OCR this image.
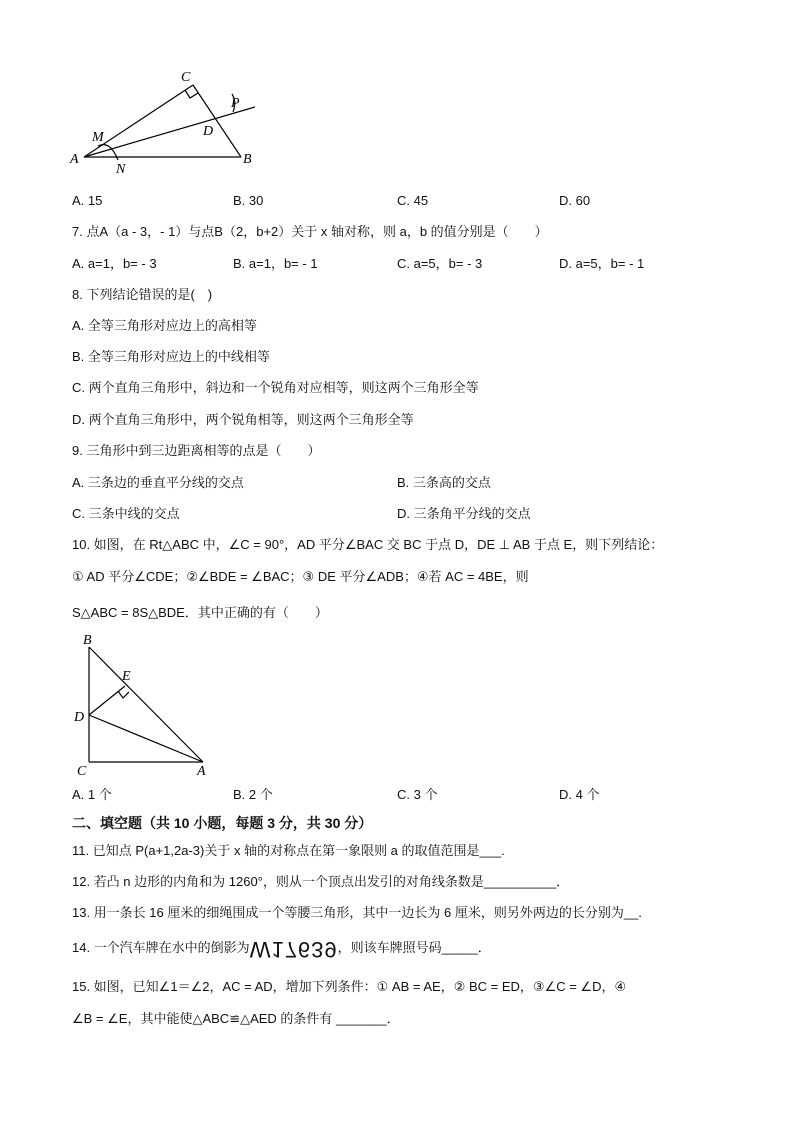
C
P
M	D
A
N
B
A. 15	B. 30	C. 45	D. 60
7. 点A（a - 3，- 1）与点B（2，b+2）关于 x 轴对称，则 a，b 的值分别是（　　）
A. a=1，b= - 3	B. a=1，b= - 1	C. a=5，b= - 3	D. a=5，b= - 1
8. 下列结论错误的是(　)
A. 全等三角形对应边上的高相等
B. 全等三角形对应边上的中线相等
C. 两个直角三角形中，斜边和一个锐角对应相等，则这两个三角形全等
D. 两个直角三角形中，两个锐角相等，则这两个三角形全等
9. 三角形中到三边距离相等的点是（　　）
A. 三条边的垂直平分线的交点	B. 三条高的交点
C. 三条中线的交点	D. 三条角平分线的交点
10. 如图，在 Rt△ABC 中，∠C = 90°，AD 平分∠BAC 交 BC 于点 D，DE ⊥ AB 于点 E，则下列结论：
① AD 平分∠CDE；②∠BDE = ∠BAC；③ DE 平分∠ADB；④若 AC = 4BE，则
S△ABC = 8S△BDE．其中正确的有（　　）
B
E
D
C	A
A. 1 个	B. 2 个	C. 3 个	D. 4 个
二、填空题（共 10 小题，每题 3 分，共 30 分）
11. 已知点 P(a+1,2a-3)关于 x 轴的对称点在第一象限则 a 的取值范围是___.
12. 若凸 n 边形的内角和为 1260°，则从一个顶点出发引的对角线条数是__________．
13. 用一条长 16 厘米的细绳围成一个等腰三角形，其中一边长为 6 厘米，则另外两边的长分别为__.
14. 一个汽车牌在水中的倒影为W17639，则该车牌照号码_____．
15. 如图，已知∠1＝∠2，AC = AD，增加下列条件：① AB = AE，② BC = ED，③∠C = ∠D，④
∠B = ∠E，其中能使△ABC≌△AED 的条件有 _______．
